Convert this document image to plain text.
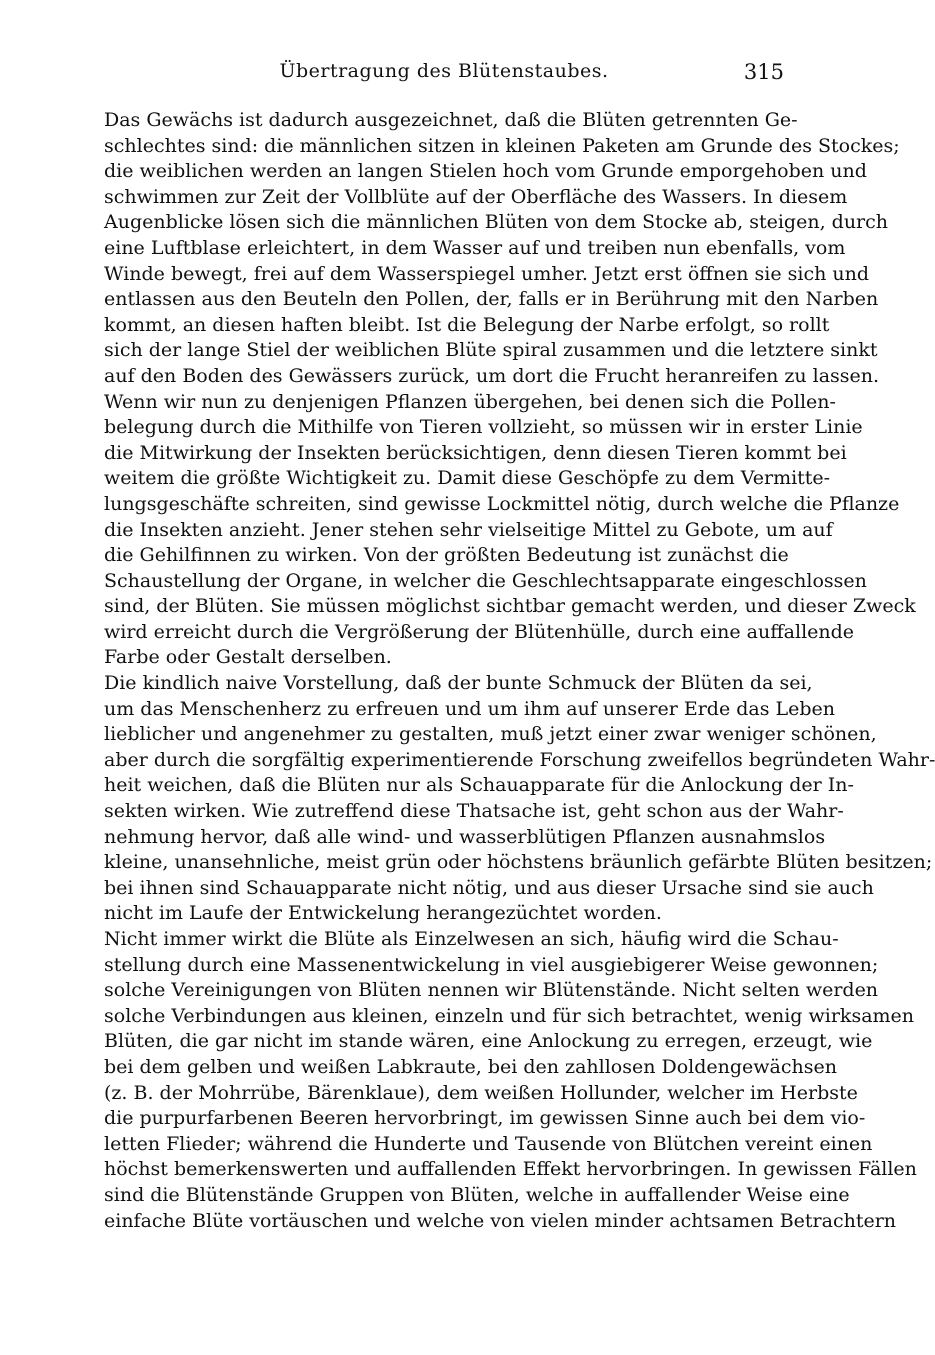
Übertragung des Blütenstaubes.	315

Das Gewächs ist dadurch ausgezeichnet, daß die Blüten getrennten Ge-
schlechtes sind: die männlichen sitzen in kleinen Paketen am Grunde des Stockes;
die weiblichen werden an langen Stielen hoch vom Grunde emporgehoben und
schwimmen zur Zeit der Vollblüte auf der Oberfläche des Wassers. In diesem
Augenblicke lösen sich die männlichen Blüten von dem Stocke ab, steigen, durch
eine Luftblase erleichtert, in dem Wasser auf und treiben nun ebenfalls, vom
Winde bewegt, frei auf dem Wasserspiegel umher. Jetzt erst öffnen sie sich und
entlassen aus den Beuteln den Pollen, der, falls er in Berührung mit den Narben
kommt, an diesen haften bleibt. Ist die Belegung der Narbe erfolgt, so rollt
sich der lange Stiel der weiblichen Blüte spiral zusammen und die letztere sinkt
auf den Boden des Gewässers zurück, um dort die Frucht heranreifen zu lassen.

Wenn wir nun zu denjenigen Pflanzen übergehen, bei denen sich die Pollen-
belegung durch die Mithilfe von Tieren vollzieht, so müssen wir in erster Linie
die Mitwirkung der Insekten berücksichtigen, denn diesen Tieren kommt bei
weitem die größte Wichtigkeit zu. Damit diese Geschöpfe zu dem Vermitte-
lungsgeschäfte schreiten, sind gewisse Lockmittel nötig, durch welche die Pflanze
die Insekten anzieht. Jener stehen sehr vielseitige Mittel zu Gebote, um auf
die Gehilfinnen zu wirken. Von der größten Bedeutung ist zunächst die
Schaustellung der Organe, in welcher die Geschlechtsapparate eingeschlossen
sind, der Blüten. Sie müssen möglichst sichtbar gemacht werden, und dieser Zweck
wird erreicht durch die Vergrößerung der Blütenhülle, durch eine auffallende
Farbe oder Gestalt derselben.

Die kindlich naive Vorstellung, daß der bunte Schmuck der Blüten da sei,
um das Menschenherz zu erfreuen und um ihm auf unserer Erde das Leben
lieblicher und angenehmer zu gestalten, muß jetzt einer zwar weniger schönen,
aber durch die sorgfältig experimentierende Forschung zweifellos begründeten Wahr-
heit weichen, daß die Blüten nur als Schauapparate für die Anlockung der In-
sekten wirken. Wie zutreffend diese Thatsache ist, geht schon aus der Wahr-
nehmung hervor, daß alle wind- und wasserblütigen Pflanzen ausnahmslos
kleine, unansehnliche, meist grün oder höchstens bräunlich gefärbte Blüten besitzen;
bei ihnen sind Schauapparate nicht nötig, und aus dieser Ursache sind sie auch
nicht im Laufe der Entwickelung herangezüchtet worden.

Nicht immer wirkt die Blüte als Einzelwesen an sich, häufig wird die Schau-
stellung durch eine Massenentwickelung in viel ausgiebigerer Weise gewonnen;
solche Vereinigungen von Blüten nennen wir Blütenstände. Nicht selten werden
solche Verbindungen aus kleinen, einzeln und für sich betrachtet, wenig wirksamen
Blüten, die gar nicht im stande wären, eine Anlockung zu erregen, erzeugt, wie
bei dem gelben und weißen Labkraute, bei den zahllosen Doldengewächsen
(z. B. der Mohrrübe, Bärenklaue), dem weißen Hollunder, welcher im Herbste
die purpurfarbenen Beeren hervorbringt, im gewissen Sinne auch bei dem vio-
letten Flieder; während die Hunderte und Tausende von Blütchen vereint einen
höchst bemerkenswerten und auffallenden Effekt hervorbringen. In gewissen Fällen
sind die Blütenstände Gruppen von Blüten, welche in auffallender Weise eine
einfache Blüte vortäuschen und welche von vielen minder achtsamen Betrachtern
